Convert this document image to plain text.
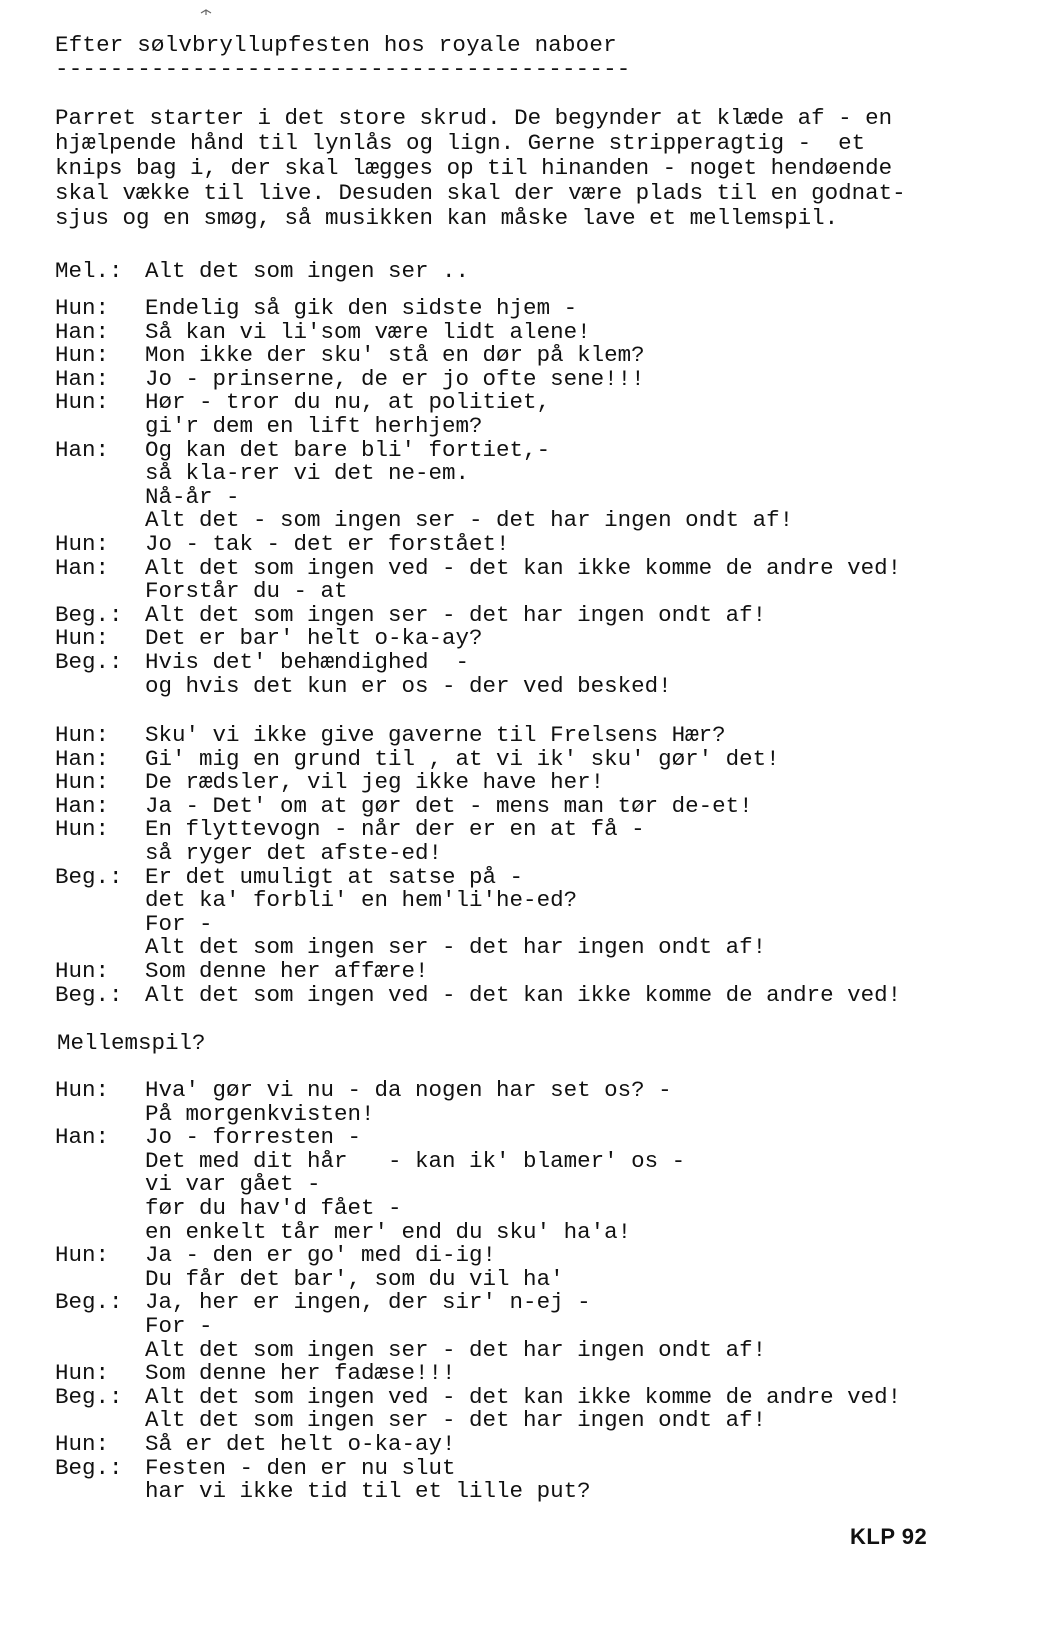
Efter sølvbryllupfesten hos royale naboer
------------------------------------------
Parret starter i det store skrud. De begynder at klæde af - en
hjælpende hånd til lynlås og lign. Gerne stripperagtig -  et
knips bag i, der skal lægges op til hinanden - noget hendøende
skal vække til live. Desuden skal der være plads til en godnat-
sjus og en smøg, så musikken kan måske lave et mellemspil.
Mel.: Alt det som ingen ser ..
Hun: Endelig så gik den sidste hjem -
Han: Så kan vi li'som være lidt alene!
Hun: Mon ikke der sku' stå en dør på klem?
Han: Jo - prinserne, de er jo ofte sene!!!
Hun: Hør - tror du nu, at politiet,
gi'r dem en lift herhjem?
Han: Og kan det bare bli' fortiet,-
så kla-rer vi det ne-em.
Nå-år -
Alt det - som ingen ser - det har ingen ondt af!
Hun: Jo - tak - det er forstået!
Han: Alt det som ingen ved - det kan ikke komme de andre ved!
Forstår du - at
Beg.: Alt det som ingen ser - det har ingen ondt af!
Hun: Det er bar' helt o-ka-ay?
Beg.: Hvis det' behændighed  -
og hvis det kun er os - der ved besked!
Hun: Sku' vi ikke give gaverne til Frelsens Hær?
Han: Gi' mig en grund til , at vi ik' sku' gør' det!
Hun: De rædsler, vil jeg ikke have her!
Han: Ja - Det' om at gør det - mens man tør de-et!
Hun: En flyttevogn - når der er en at få -
så ryger det afste-ed!
Beg.: Er det umuligt at satse på -
det ka' forbli' en hem'li'he-ed?
For -
Alt det som ingen ser - det har ingen ondt af!
Hun: Som denne her affære!
Beg.: Alt det som ingen ved - det kan ikke komme de andre ved!
Mellemspil?
Hun: Hva' gør vi nu - da nogen har set os? -
På morgenkvisten!
Han: Jo - forresten -
Det med dit hår   - kan ik' blamer' os -
vi var gået -
før du hav'd fået -
en enkelt tår mer' end du sku' ha'a!
Hun: Ja - den er go' med di-ig!
Du får det bar', som du vil ha'
Beg.: Ja, her er ingen, der sir' n-ej -
For -
Alt det som ingen ser - det har ingen ondt af!
Hun: Som denne her fadæse!!!
Beg.: Alt det som ingen ved - det kan ikke komme de andre ved!
Alt det som ingen ser - det har ingen ondt af!
Hun: Så er det helt o-ka-ay!
Beg.: Festen - den er nu slut
har vi ikke tid til et lille put?
KLP 92
